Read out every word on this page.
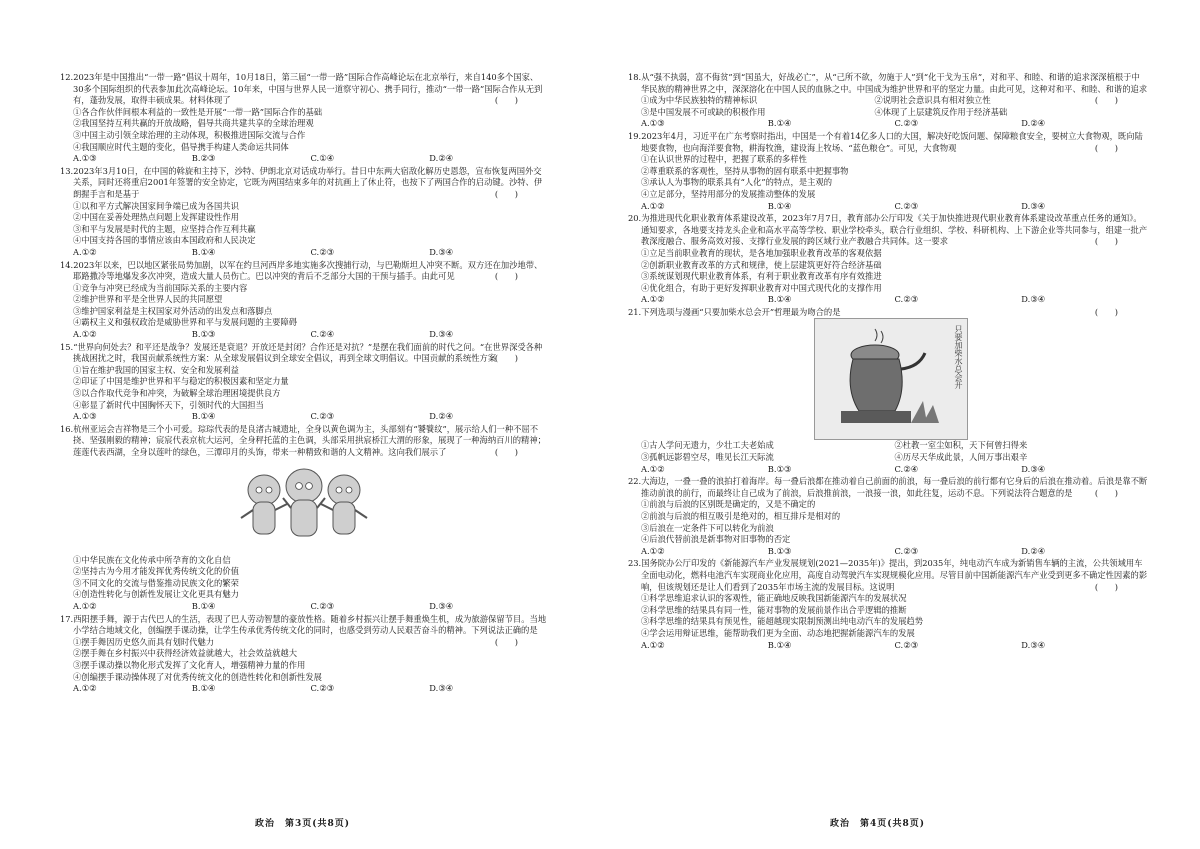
12.2023年是中国推出“一带一路”倡议十周年，10月18日，第三届“一带一路”国际合作高峰论坛在北京举行，来自140多个国家、30多个国际组织的代表参加此次高峰论坛。10年来，中国与世界人民一道察守初心、携手同行，推动“一带一路”国际合作从无到有，蓬勃发展，取得丰硕成果。材料体现了	(　　)
①各合作伙伴间根本利益的一致性是开展“一带一路”国际合作的基础
②我国坚持互利共赢的开放战略，倡导共商共建共享的全球治理观
③中国主动引领全球治理的主动体现，积极推进国际交流与合作
④我国顺应时代主题的变化，倡导携手构建人类命运共同体
A.①③	B.②③	C.①④	D.②④
13.2023年3月10日，在中国的斡旋和主持下，沙特、伊朗北京对话成功举行。昔日中东两大宿敌化解历史恩怨，宣布恢复两国外交关系，同时还将重启2001年签署的安全协定，它既为两国结束多年的对抗画上了休止符，也按下了两国合作的启动键。沙特、伊朗握手言和是基于	(　　)
①以和平方式解决国家间争端已成为各国共识
②中国在妥善处理热点问题上发挥建设性作用
③和平与发展是时代的主题，应坚持合作互利共赢
④中国支持各国的事情应该由本国政府和人民决定
A.①②	B.①④	C.②③	D.③④
14.2023年以来，巴以地区紧张局势加剧，以军在约旦河西岸多地实施多次搜捕行动，与巴勒斯坦人冲突不断。双方还在加沙地带、耶路撒冷等地爆发多次冲突，造成大量人员伤亡。巴以冲突的背后不乏部分大国的干预与插手。由此可见	(　　)
①竞争与冲突已经成为当前国际关系的主要内容
②维护世界和平是全世界人民的共同愿望
③维护国家利益是主权国家对外活动的出发点和落脚点
④霸权主义和强权政治是威胁世界和平与发展问题的主要障碍
A.①②	B.①③	C.②④	D.③④
15.“世界向何处去？和平还是战争？发展还是衰退？开放还是封闭？合作还是对抗？”是摆在我们面前的时代之问。“在世界深受各种挑战困扰之时，我国贡献系统性方案：从全球发展倡议到全球安全倡议，再到全球文明倡议。中国贡献的系统性方案
(　　)
①旨在维护我国的国家主权、安全和发展利益
②印证了中国是维护世界和平与稳定的积极因素和坚定力量
③以合作取代竞争和冲突，为破解全球治理困境提供良方
④彰显了新时代中国胸怀天下，引领时代的大国担当
A.①③	B.①④	C.②③	D.②④
16.杭州亚运会吉祥物是三个小可爱。琮琮代表的是良渚古城遗址，全身以黄色调为主，头部刻有“饕餮纹”，展示给人们一种不屈不挠、坚强刚毅的精神；宸宸代表京杭大运河，全身秤托蓝的主色调，头部采用拱宸桥江大渭的形象，展现了一种海纳百川的精神；莲莲代表西湖，全身以莲叶的绿色，三潭印月的头饰，带来一种精致和谐的人文精神。这向我们展示了	(　　)
①中华民族在文化传承中所孕育的文化自信
②坚持古为今用才能发挥优秀传统文化的价值
③不同文化的交流与借鉴推动民族文化的繁荣
④创造性转化与创新性发展让文化更具有魅力
A.①②	B.①④	C.②③	D.③④
17.西阳摆手舞，源于古代巴人的生活，表现了巴人劳动智慧的豪放性格。随着乡村振兴让摆手舞重焕生机，成为旅游保留节目。当地小学结合地域文化，创编摆手课动操，让学生传承优秀传统文化的同时，也感受到劳动人民艰苦奋斗的精神。下列说法正确的是
(　　)
①摆手舞因历史悠久而具有划时代魅力
②摆手舞在乡村振兴中获得经济效益就越大，社会效益就越大
③摆手课动操以物化形式发挥了文化育人，增强精神力量的作用
④创编摆手课动操体现了对优秀传统文化的创造性转化和创新性发展
A.①②	B.①④	C.②③	D.③④
政治　第3页(共8页)
18.从“强不执弱，富不侮贫”到“国虽大，好战必亡”，从“己所不欲，勿施于人”到“化干戈为玉帛”，对和平、和睦、和谐的追求深深植根于中华民族的精神世界之中，深深溶化在中国人民的血脉之中。中国成为维护世界和平的坚定力量。由此可见，这种对和平、和睦、和谐的追求
(　　)
①成为中华民族独特的精神标识	②说明社会意识具有相对独立性
③是中国发展不可或缺的积极作用	④体现了上层建筑反作用于经济基础
A.①③	B.①④	C.②③	D.②④
19.2023年4月，习近平在广东考察时指出，中国是一个有着14亿多人口的大国，解决好吃饭问题、保障粮食安全，要树立大食物观，既向陆地要食物，也向海洋要食物，耕海牧渔，建设海上牧场、“蓝色粮仓”。可见，大食物观	(　　)
①在认识世界的过程中，把握了联系的多样性
②尊重联系的客观性，坚持从事物的固有联系中把握事物
③承认人为事物的联系具有“人化”的特点，是主观的
④立足部分，坚持用部分的发展推动整体的发展
A.①②	B.①④	C.②③	D.③④
20.为推进现代化职业教育体系建设改革，2023年7月7日，教育部办公厅印发《关于加快推进现代职业教育体系建设改革重点任务的通知》。通知要求，各地要支持龙头企业和高水平高等学校、职业学校牵头，联合行业组织、学校、科研机构、上下游企业等共同参与，组建一批产教深度融合、服务高效对接、支撑行业发展的跨区域行业产教融合共同体。这一要求	(　　)
①立足当前职业教育的现状，是各地加强职业教育改革的客观依据
②创新职业教育改革的方式和规律，使上层建筑更好符合经济基础
③系统谋划现代职业教育体系，有利于职业教育改革有序有效推进
④优化组合，有助于更好发挥职业教育对中国式现代化的支撑作用
A.①②	B.①④	C.②③	D.③④
21.下列选项与漫画“只要加柴水总会开”哲理最为吻合的是	(　　)
只要加柴水总会开
①古人学问无遗力，少壮工夫老始成	②杜教一室尘如积，天下何曾扫得来
③孤帆远影碧空尽，唯见长江天际流	④历尽天华成此景，人间万事出艰辛
A.①②	B.①③	C.②④	D.③④
22.大海边，一叠一叠的浪拍打着海岸。每一叠后浪都在推动着自己前面的前浪，每一叠后浪的前行都有它身后的后浪在推动着。后浪是靠不断推动前浪的前行，而最终让自己成为了前浪，后浪推前浪，一浪接一浪，如此往复，运动不息。下列说法符合题意的是	(　　)
①前浪与后浪的区别既是确定的，又是不确定的
②前浪与后浪的相互吸引是绝对的，相互排斥是相对的
③后浪在一定条件下可以转化为前浪
④后浪代替前浪是新事物对旧事物的否定
A.①②	B.①③	C.②③	D.②④
23.国务院办公厅印发的《新能源汽车产业发展规划(2021—2035年)》提出，到2035年，纯电动汽车成为新销售车辆的主流，公共领域用车全面电动化，燃料电池汽车实现商业化应用，高度自动驾驶汽车实现规模化应用。尽管目前中国新能源汽车产业受到更多不确定性因素的影响，但该规划还是让人们看到了2035年市场主流的发展目标。这说明	(　　)
①科学思维追求认识的客观性，能正确地反映我国新能源汽车的发展状况
②科学思维的结果具有同一性，能对事物的发展前景作出合乎逻辑的推断
③科学思维的结果具有预见性，能超越现实限制预测出纯电动汽车的发展趋势
④学会运用辩证思维，能帮助我们更为全面、动态地把握新能源汽车的发展
A.①②	B.①④	C.②③	D.③④
政治　第4页(共8页)
